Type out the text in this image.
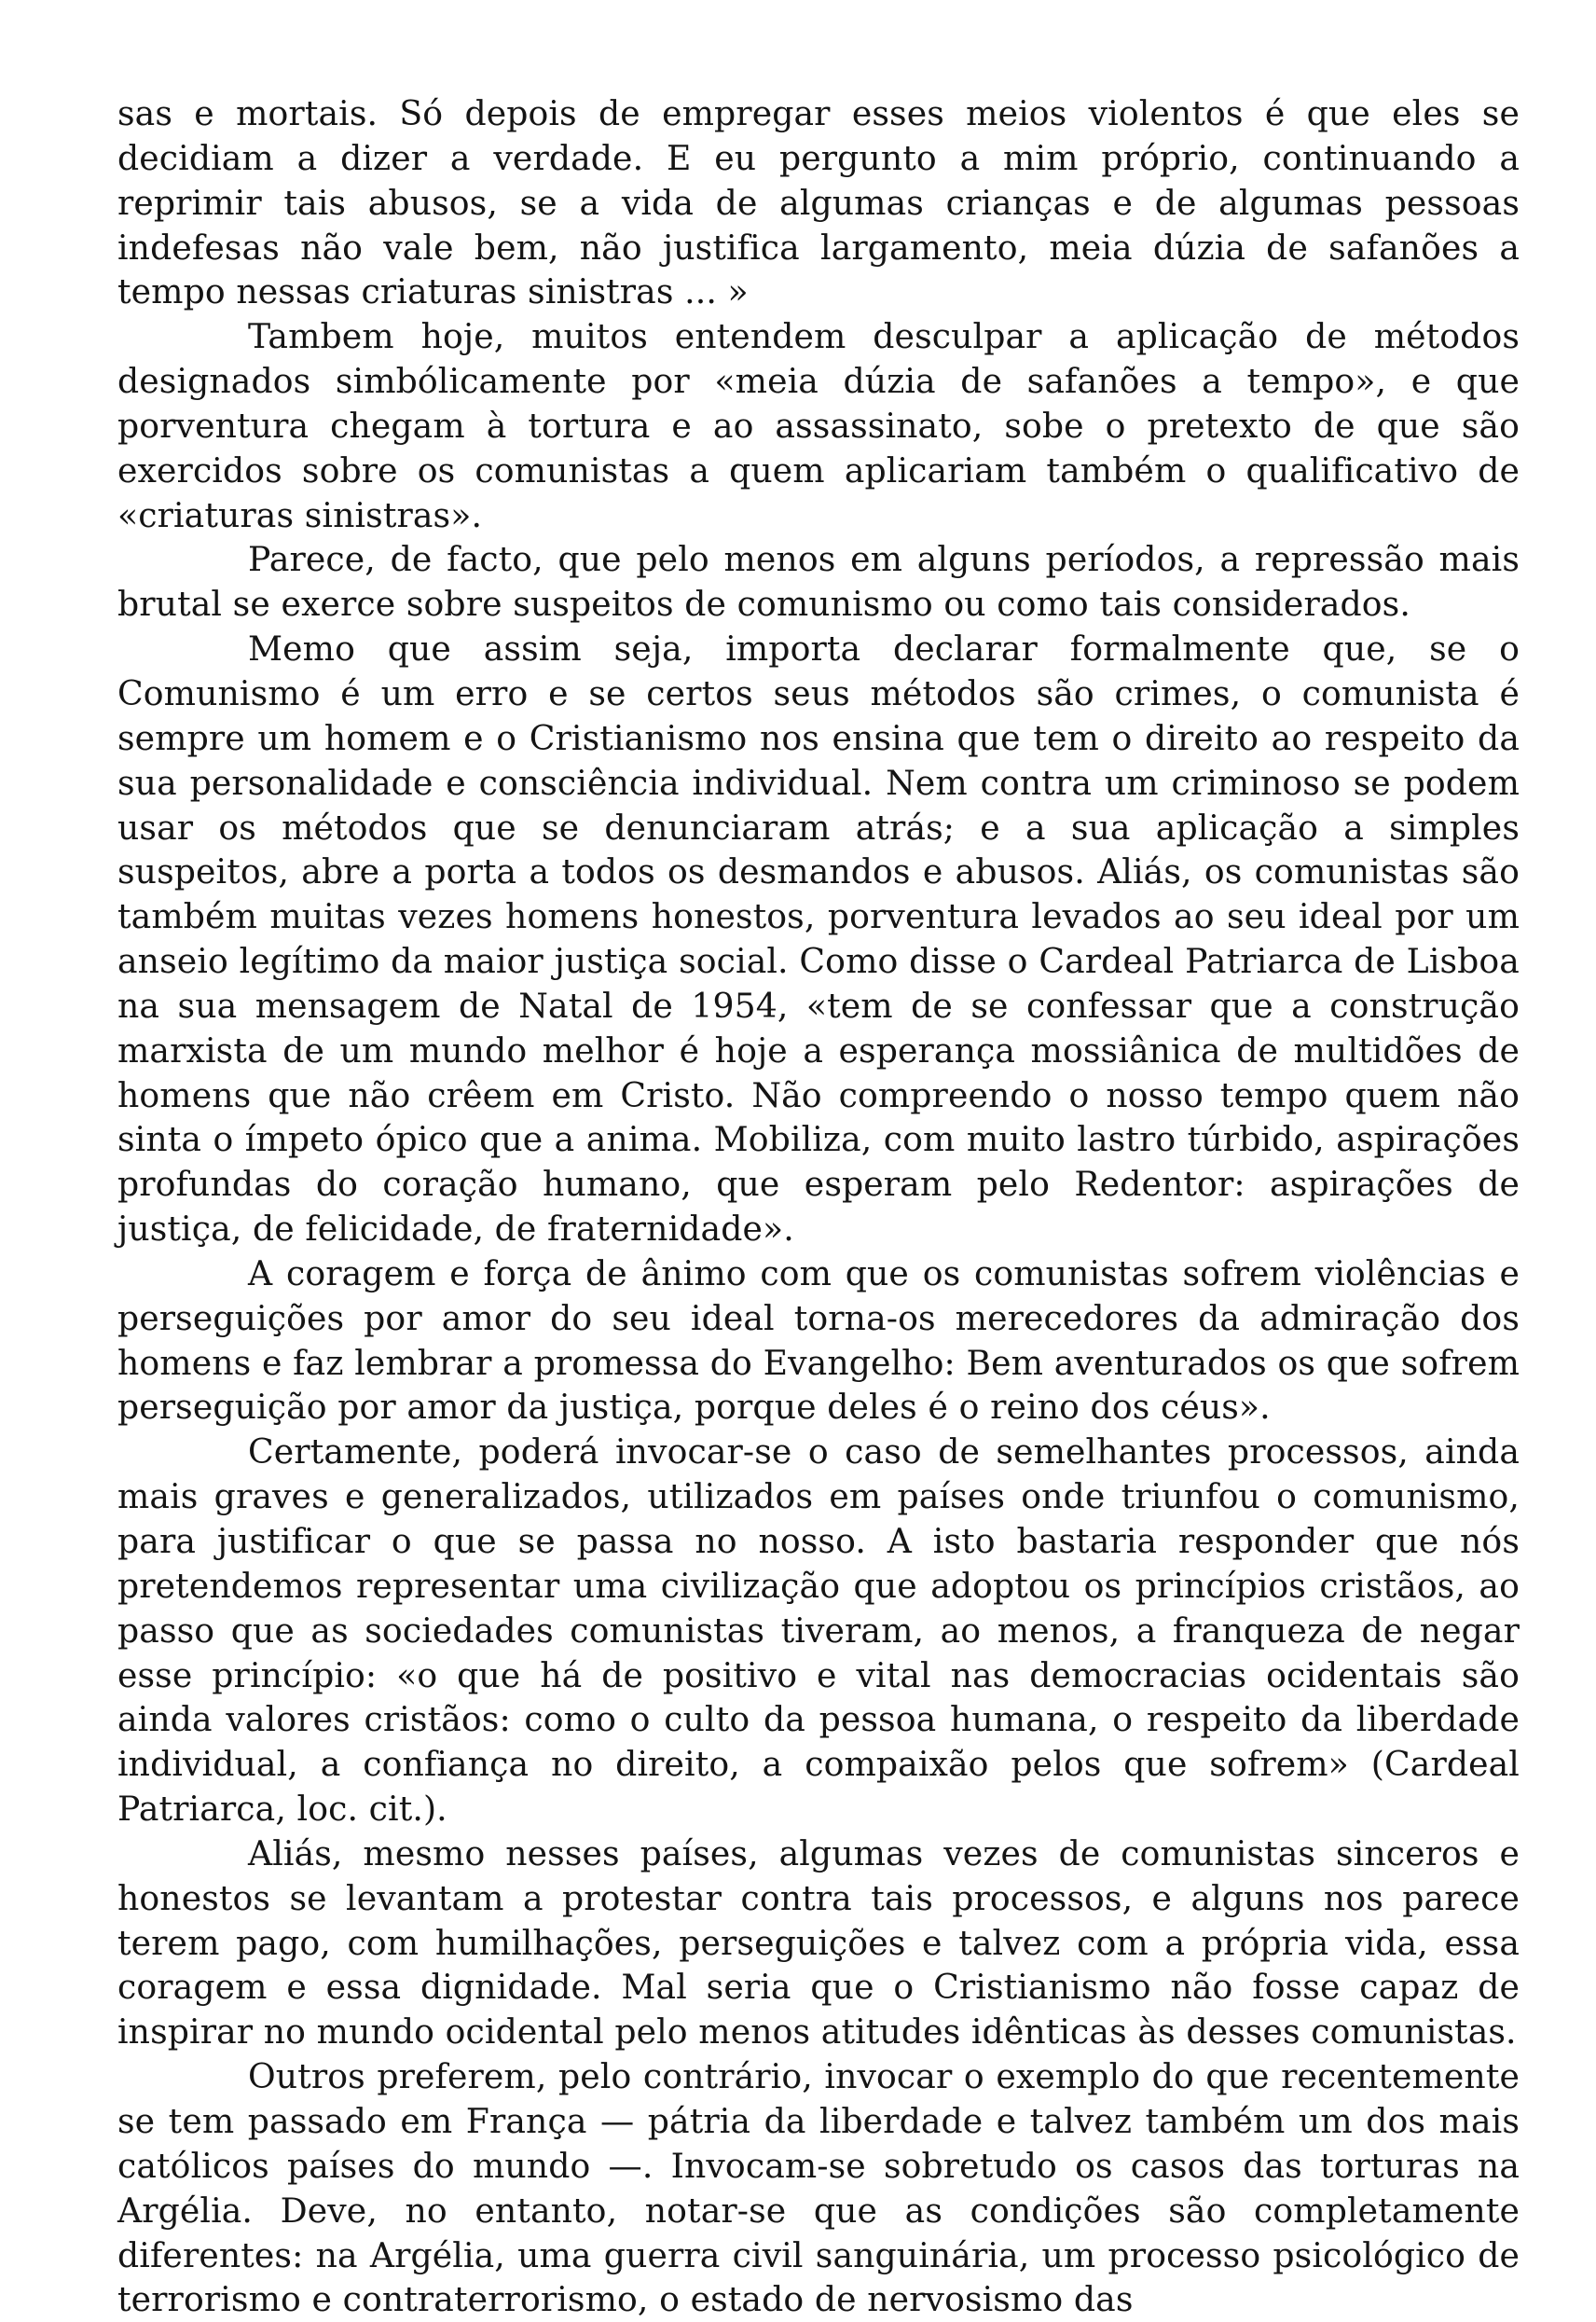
sas e mortais. Só depois de empregar esses meios violentos é que eles se decidiam a dizer a verdade. E eu pergunto a mim próprio, continuando a reprimir tais abusos, se a vida de algumas crianças e de algumas pessoas indefesas não vale bem, não justifica largamento, meia dúzia de safanões a tempo nessas criaturas sinistras ... »

Tambem hoje, muitos entendem desculpar a aplicação de métodos designados simbólicamente por «meia dúzia de safanões a tempo», e que porventura chegam à tortura e ao assassinato, sobe o pretexto de que são exercidos sobre os comunistas a quem aplicariam também o qualificativo de «criaturas sinistras».

Parece, de facto, que pelo menos em alguns períodos, a repressão mais brutal se exerce sobre suspeitos de comunismo ou como tais considerados.

Memo que assim seja, importa declarar formalmente que, se o Comunismo é um erro e se certos seus métodos são crimes, o comunista é sempre um homem e o Cristianismo nos ensina que tem o direito ao respeito da sua personalidade e consciência individual. Nem contra um criminoso se podem usar os métodos que se denunciaram atrás; e a sua aplicação a simples suspeitos, abre a porta a todos os desmandos e abusos. Aliás, os comunistas são também muitas vezes homens honestos, porventura levados ao seu ideal por um anseio legítimo da maior justiça social. Como disse o Cardeal Patriarca de Lisboa na sua mensagem de Natal de 1954, «tem de se confessar que a construção marxista de um mundo melhor é hoje a esperança mossiânica de multidões de homens que não crêem em Cristo. Não compreendo o nosso tempo quem não sinta o ímpeto ópico que a anima. Mobiliza, com muito lastro túrbido, aspirações profundas do coração humano, que esperam pelo Redentor: aspirações de justiça, de felicidade, de fraternidade».

A coragem e força de ânimo com que os comunistas sofrem violências e perseguições por amor do seu ideal torna-os merecedores da admiração dos homens e faz lembrar a promessa do Evangelho: Bem aventurados os que sofrem perseguição por amor da justiça, porque deles é o reino dos céus».

Certamente, poderá invocar-se o caso de semelhantes processos, ainda mais graves e generalizados, utilizados em países onde triunfou o comunismo, para justificar o que se passa no nosso. A isto bastaria responder que nós pretendemos representar uma civilização que adoptou os princípios cristãos, ao passo que as sociedades comunistas tiveram, ao menos, a franqueza de negar esse princípio: «o que há de positivo e vital nas democracias ocidentais são ainda valores cristãos: como o culto da pessoa humana, o respeito da liberdade individual, a confiança no direito, a compaixão pelos que sofrem» (Cardeal Patriarca, loc. cit.).

Aliás, mesmo nesses países, algumas vezes de comunistas sinceros e honestos se levantam a protestar contra tais processos, e alguns nos parece terem pago, com humilhações, perseguições e talvez com a própria vida, essa coragem e essa dignidade. Mal seria que o Cristianismo não fosse capaz de inspirar no mundo ocidental pelo menos atitudes idênticas às desses comunistas.

Outros preferem, pelo contrário, invocar o exemplo do que recentemente se tem passado em França — pátria da liberdade e talvez também um dos mais católicos países do mundo —. Invocam-se sobretudo os casos das torturas na Argélia. Deve, no entanto, notar-se que as condições são completamente diferentes: na Argélia, uma guerra civil sanguinária, um processo psicológico de terrorismo e contraterrorismo, o estado de nervosismo das
